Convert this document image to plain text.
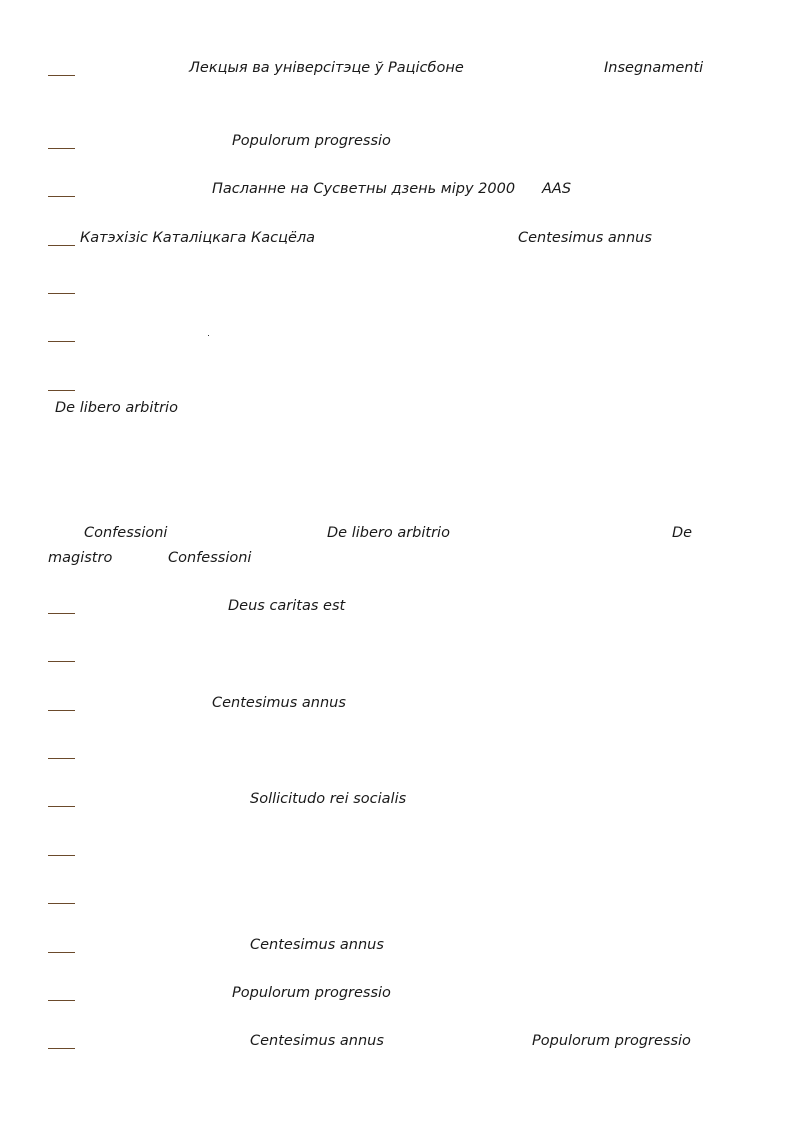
Лекцыя ва універсітэце ў Рацісбоне	Insegnamenti
Populorum progressio
Пасланне на Сусветны дзень міру 2000 AAS
Катэхізіс Каталіцкага Касцёла	Centesimus annus
De libero arbitrio
Confessioni	De libero arbitrio	De
magistro	Confessioni
Deus caritas est
Centesimus annus
Sollicitudo rei socialis
Centesimus annus
Populorum progressio
Centesimus annus	Populorum progressio
